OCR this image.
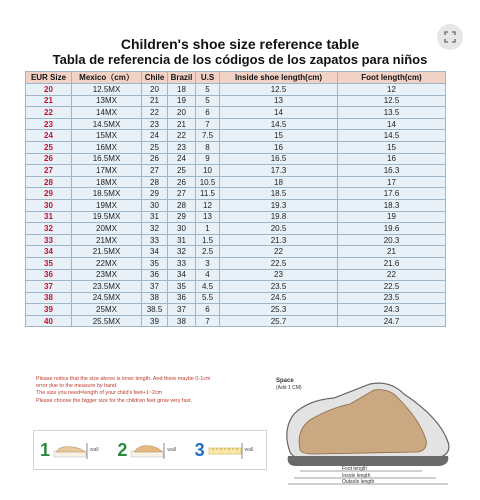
Children's shoe size reference table
Tabla de referencia de los códigos de los zapatos para niños
EUR Size	Mexico（cm）	Chile	Brazil	U.S	Inside shoe length(cm)	Foot length(cm)
20	12.5MX	20	18	5	12.5	12
21	13MX	21	19	5	13	12.5
22	14MX	22	20	6	14	13.5
23	14.5MX	23	21	7	14.5	14
24	15MX	24	22	7.5	15	14.5
25	16MX	25	23	8	16	15
26	16.5MX	26	24	9	16.5	16
27	17MX	27	25	10	17.3	16.3
28	18MX	28	26	10.5	18	17
29	18.5MX	29	27	11.5	18.5	17.6
30	19MX	30	28	12	19.3	18.3
31	19.5MX	31	29	13	19.8	19
32	20MX	32	30	1	20.5	19.6
33	21MX	33	31	1.5	21.3	20.3
34	21.5MX	34	32	2.5	22	21
35	22MX	35	33	3	22.5	21.6
36	23MX	36	34	4	23	22
37	23.5MX	37	35	4.5	23.5	22.5
38	24.5MX	38	36	5.5	24.5	23.5
39	25MX	38.5	37	6	25.3	24.3
40	25.5MX	39	38	7	25.7	24.7
Please notice that the size above is inner length. And there maybe 0-1cm
error due to the measure by hand.
The size you need=length of your child's feet+1~2cm
Please choose the bigger size for the children feet grow very fast.
1	wall 2	wall 3	wall
Space
(Add 1 CM)
Foot length
Insole length
Outsole length
